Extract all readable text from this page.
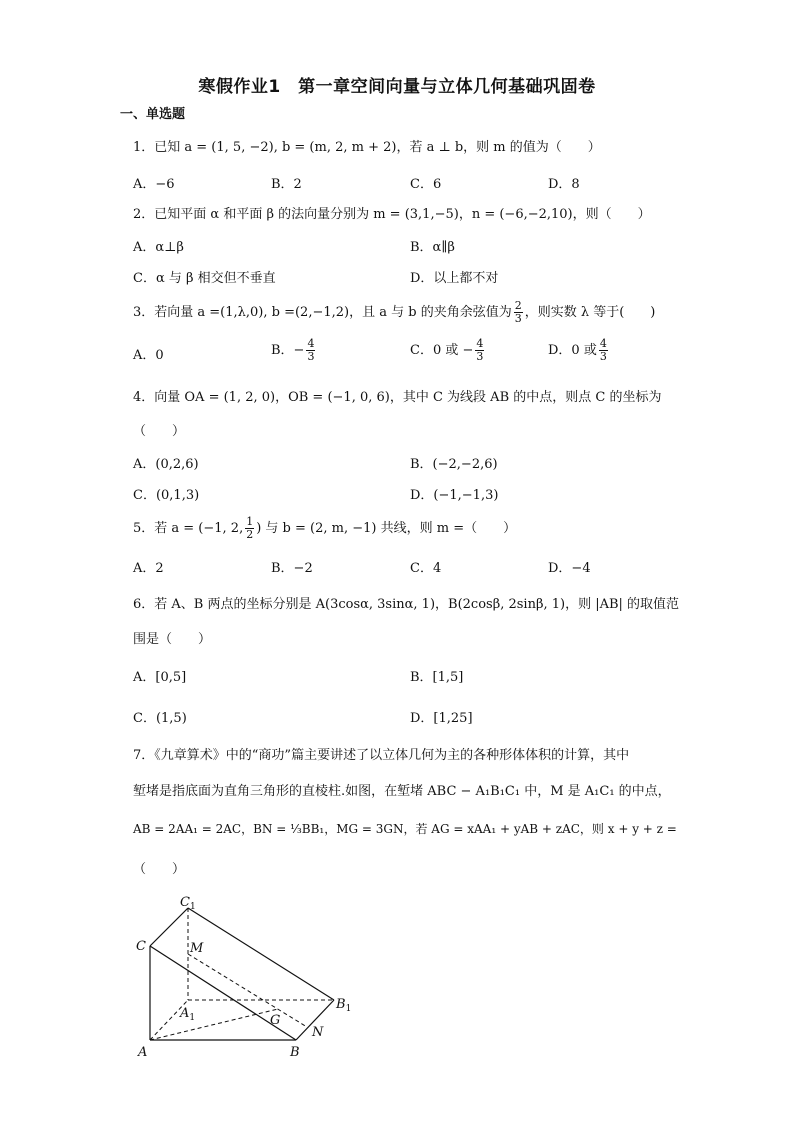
寒假作业1　第一章空间向量与立体几何基础巩固卷
一、单选题
1．已知 a = (1, 5, −2), b = (m, 2, m + 2)，若 a ⊥ b，则 m 的值为（　　）
A．−6	B．2	C．6	D．8
2．已知平面 α 和平面 β 的法向量分别为 m = (3,1,−5)，n = (−6,−2,10)，则（　　）
A．α⊥β	B．α∥β
C．α 与 β 相交但不垂直	D．以上都不对
3．若向量 a =(1,λ,0), b =(2,−1,2)，且 a 与 b 的夹角余弦值为 $\frac{2}{3}$ ，则实数 λ 等于(　　)
A．0	B．− $\frac{4}{3}$	C．0 或 − $\frac{4}{3}$	D．0 或 $\frac{4}{3}$
4．向量 OA = (1, 2, 0)，OB = (−1, 0, 6)，其中 C 为线段 AB 的中点，则点 C 的坐标为
（　　）
A．(0,2,6)	B．(−2,−2,6)
C．(0,1,3)	D．(−1,−1,3)
5．若 a = (−1, 2, $\frac{1}{2}$ ) 与 b = (2, m, −1) 共线，则 m =（　　）
A．2	B．−2	C．4	D．−4
6．若 A、B 两点的坐标分别是 A(3cosα, 3sinα, 1)，B(2cosβ, 2sinβ, 1)，则 |AB| 的取值范
围是（　　）
A．[0,5]	B．[1,5]
C．(1,5)	D．[1,25]
7．《九章算术》中的“商功”篇主要讲述了以立体几何为主的各种形体体积的计算，其中
堑堵是指底面为直角三角形的直棱柱.如图，在堑堵 ABC − A₁B₁C₁ 中，M 是 A₁C₁ 的中点，
AB = 2AA₁ = 2AC，BN = ⅓BB₁，MG = 3GN，若 AG = xAA₁ + yAB + zAC，则 x + y + z =
（　　）
$C_1$
C	M
$A_1$	G
$B_1$
N
A	B
